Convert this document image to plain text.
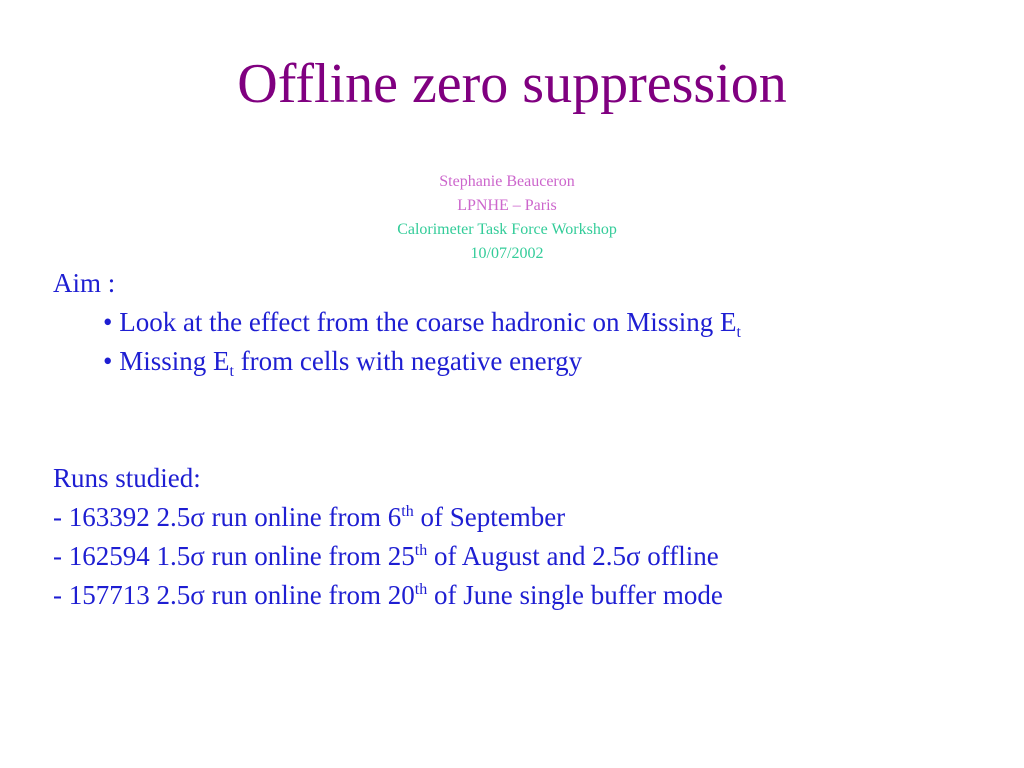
Offline zero suppression
Stephanie Beauceron
LPNHE – Paris
Calorimeter Task Force Workshop
10/07/2002
Aim :
• Look at the effect from the coarse hadronic on Missing $E_t$
• Missing $E_t$ from cells with negative energy
Runs studied:
- 163392 2.5σ run online from 6th of September
- 162594 1.5σ run online from 25th of August and 2.5σ offline
- 157713 2.5σ run online from 20th of June single buffer mode
